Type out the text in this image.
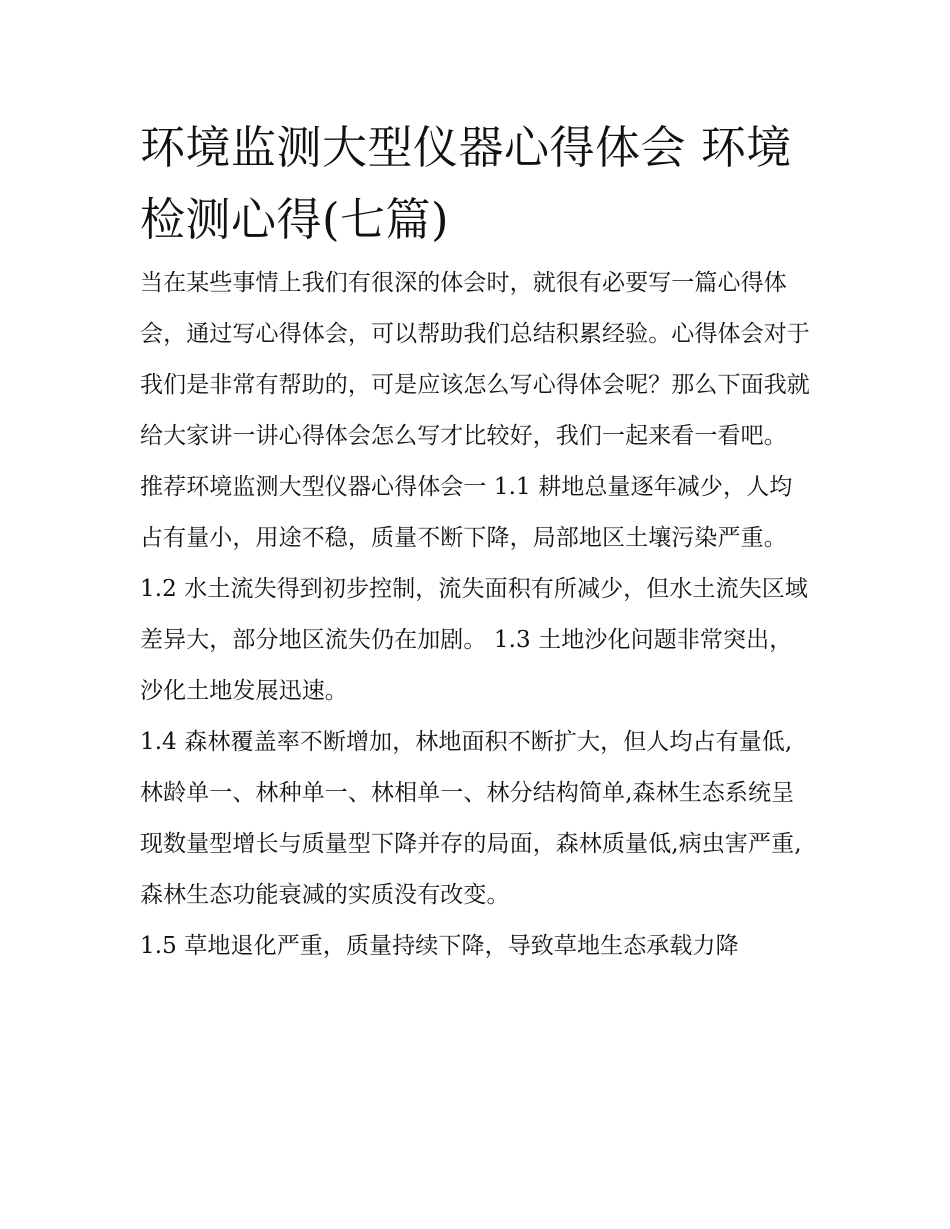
环境监测大型仪器心得体会 环境检测心得(七篇)

当在某些事情上我们有很深的体会时，就很有必要写一篇心得体会，通过写心得体会，可以帮助我们总结积累经验。心得体会对于我们是非常有帮助的，可是应该怎么写心得体会呢？那么下面我就给大家讲一讲心得体会怎么写才比较好，我们一起来看一看吧。

推荐环境监测大型仪器心得体会一 1.1 耕地总量逐年减少，人均占有量小，用途不稳，质量不断下降，局部地区土壤污染严重。

1.2 水土流失得到初步控制，流失面积有所减少，但水土流失区域差异大，部分地区流失仍在加剧。 1.3 土地沙化问题非常突出，沙化土地发展迅速。

1.4 森林覆盖率不断增加，林地面积不断扩大，但人均占有量低,林龄单一、林种单一、林相单一、林分结构简单,森林生态系统呈现数量型增长与质量型下降并存的局面，森林质量低,病虫害严重,森林生态功能衰减的实质没有改变。

1.5 草地退化严重，质量持续下降，导致草地生态承载力降
